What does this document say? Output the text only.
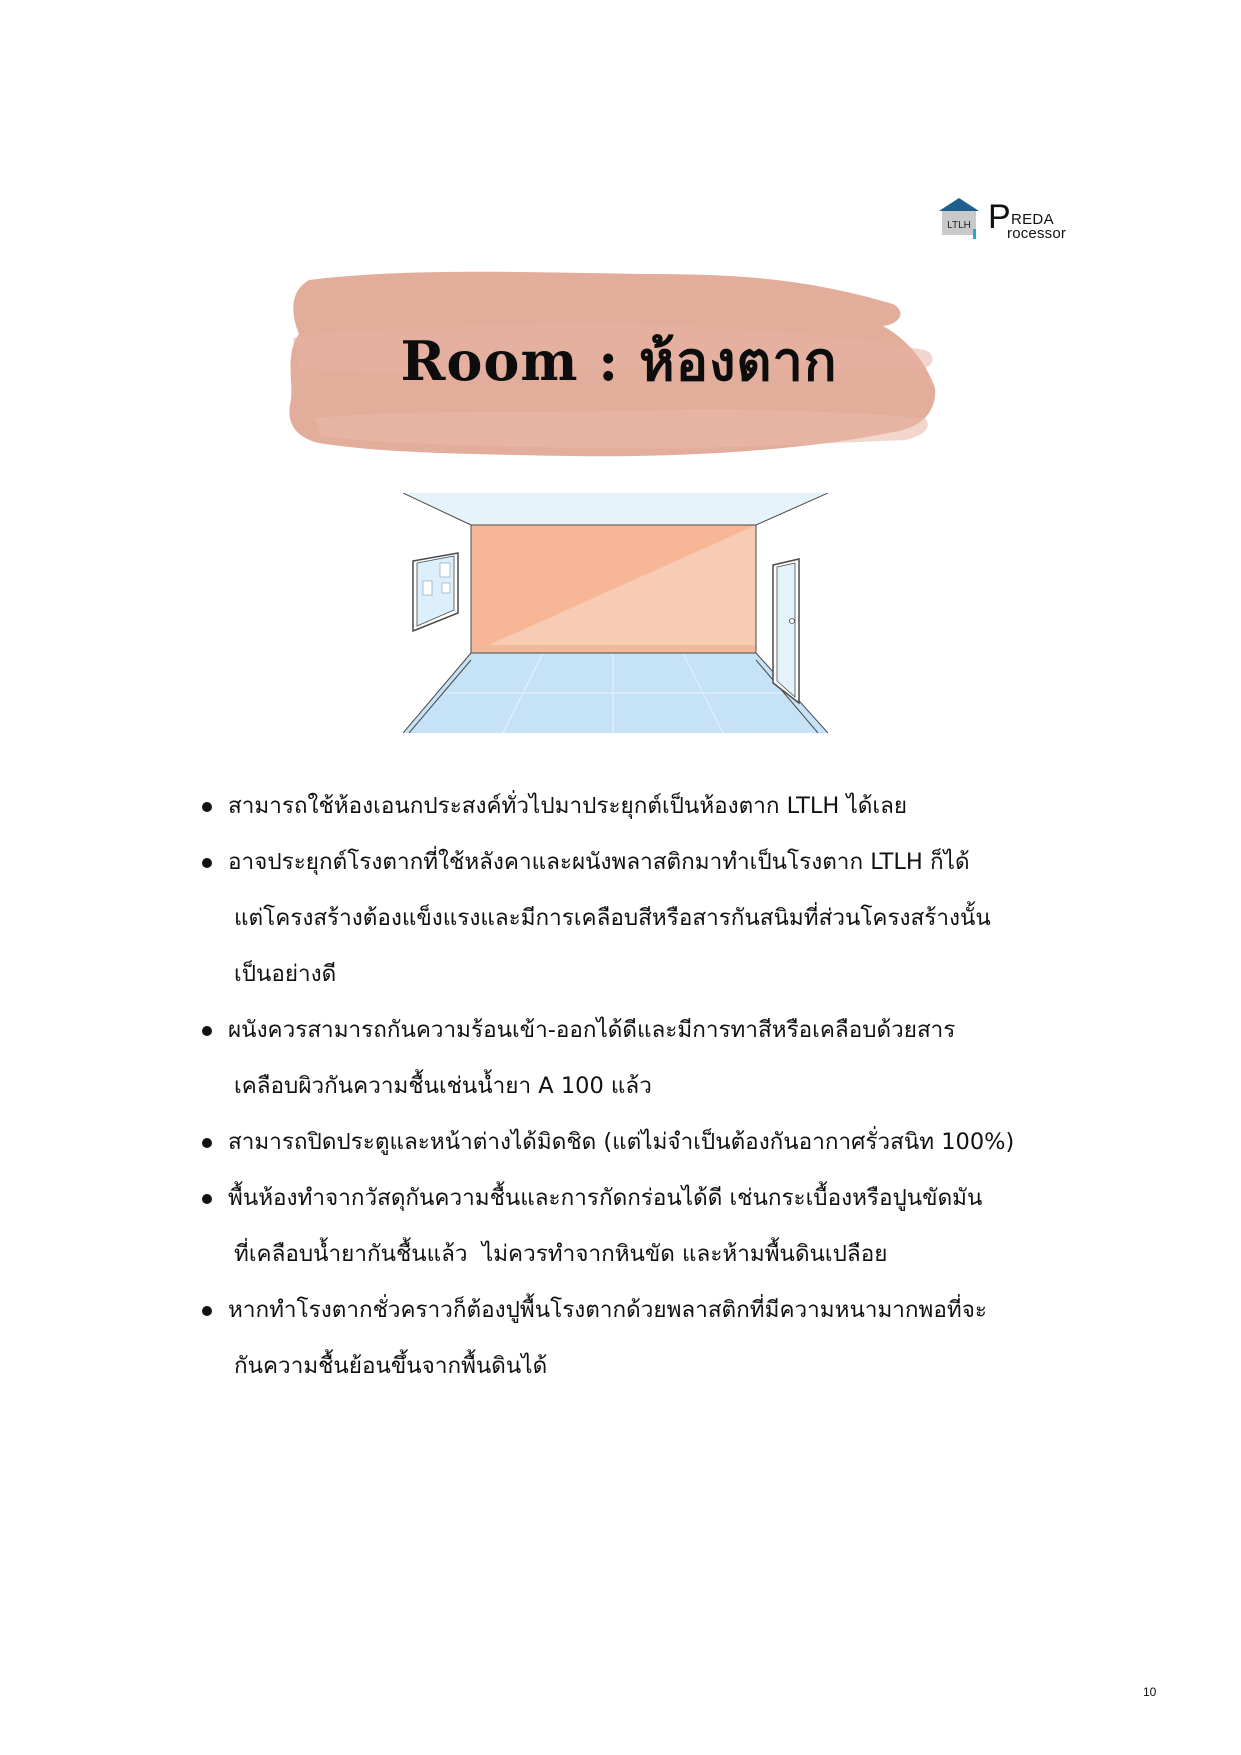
LTLH P REDA
rocessor
Room : ห้องตาก
สามารถใช้ห้องเอนกประสงค์ทั่วไปมาประยุกต์เป็นห้องตาก LTLH ได้เลย
อาจประยุกต์โรงตากที่ใช้หลังคาและผนังพลาสติกมาทำเป็นโรงตาก LTLH ก็ได้
แต่โครงสร้างต้องแข็งแรงและมีการเคลือบสีหรือสารกันสนิมที่ส่วนโครงสร้างนั้น
เป็นอย่างดี
ผนังควรสามารถกันความร้อนเข้า-ออกได้ดีและมีการทาสีหรือเคลือบด้วยสาร
เคลือบผิวกันความชื้นเช่นน้ำยา A 100 แล้ว
สามารถปิดประตูและหน้าต่างได้มิดชิด (แต่ไม่จำเป็นต้องกันอากาศรั่วสนิท 100%)
พื้นห้องทำจากวัสดุกันความชื้นและการกัดกร่อนได้ดี เช่นกระเบื้องหรือปูนขัดมัน
ที่เคลือบน้ำยากันชื้นแล้ว  ไม่ควรทำจากหินขัด และห้ามพื้นดินเปลือย
หากทำโรงตากชั่วคราวก็ต้องปูพื้นโรงตากด้วยพลาสติกที่มีความหนามากพอที่จะ
กันความชื้นย้อนขึ้นจากพื้นดินได้
10
